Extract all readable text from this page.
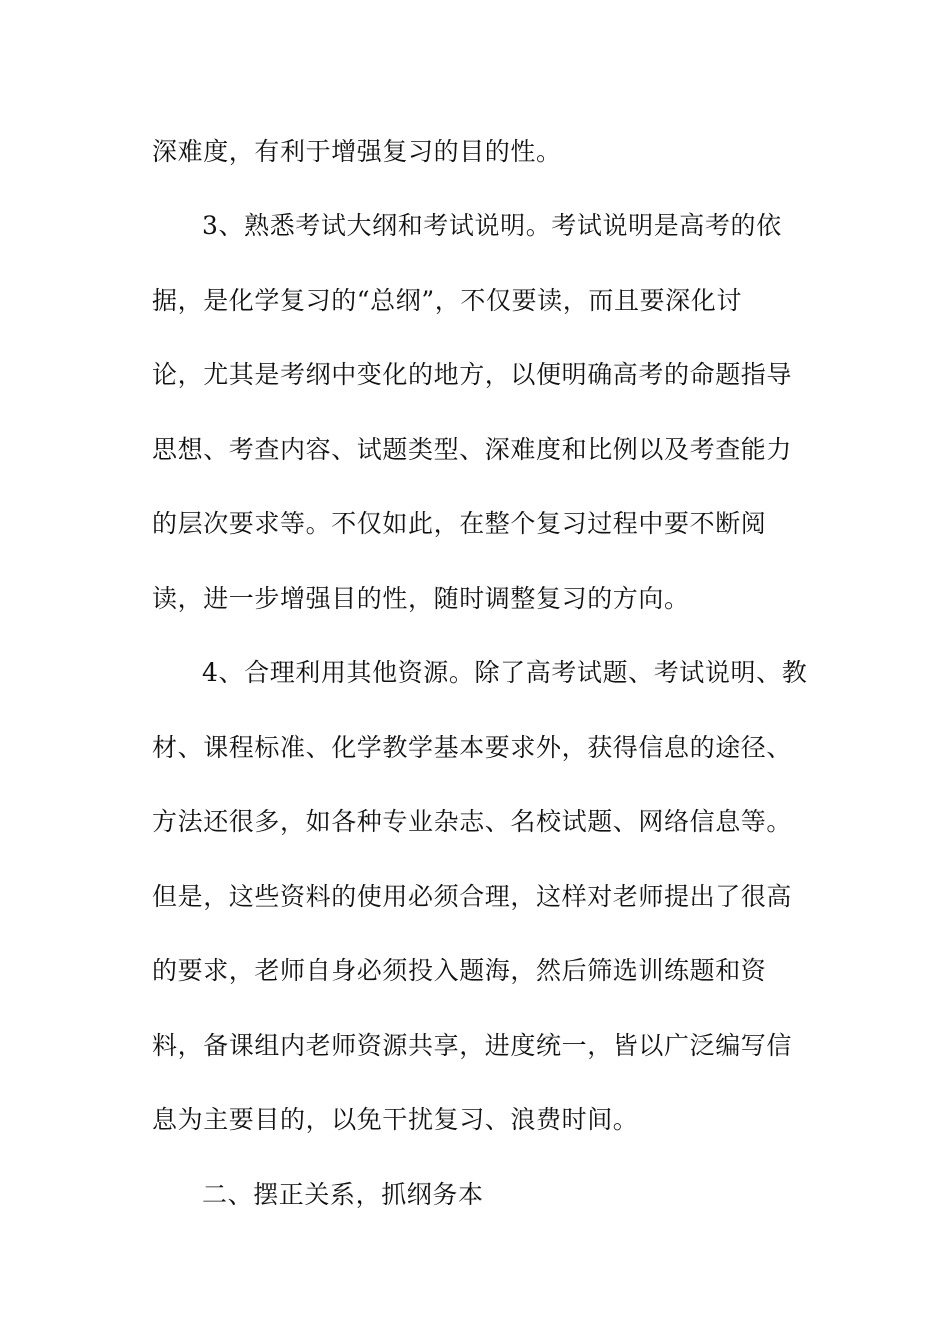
深难度，有利于增强复习的目的性。
3、熟悉考试大纲和考试说明。考试说明是高考的依
据，是化学复习的“总纲”，不仅要读，而且要深化讨
论，尤其是考纲中变化的地方，以便明确高考的命题指导
思想、考查内容、试题类型、深难度和比例以及考查能力
的层次要求等。不仅如此，在整个复习过程中要不断阅
读，进一步增强目的性，随时调整复习的方向。
4、合理利用其他资源。除了高考试题、考试说明、教
材、课程标准、化学教学基本要求外，获得信息的途径、
方法还很多，如各种专业杂志、名校试题、网络信息等。
但是，这些资料的使用必须合理，这样对老师提出了很高
的要求，老师自身必须投入题海，然后筛选训练题和资
料，备课组内老师资源共享，进度统一，皆以广泛编写信
息为主要目的，以免干扰复习、浪费时间。
二、摆正关系，抓纲务本
